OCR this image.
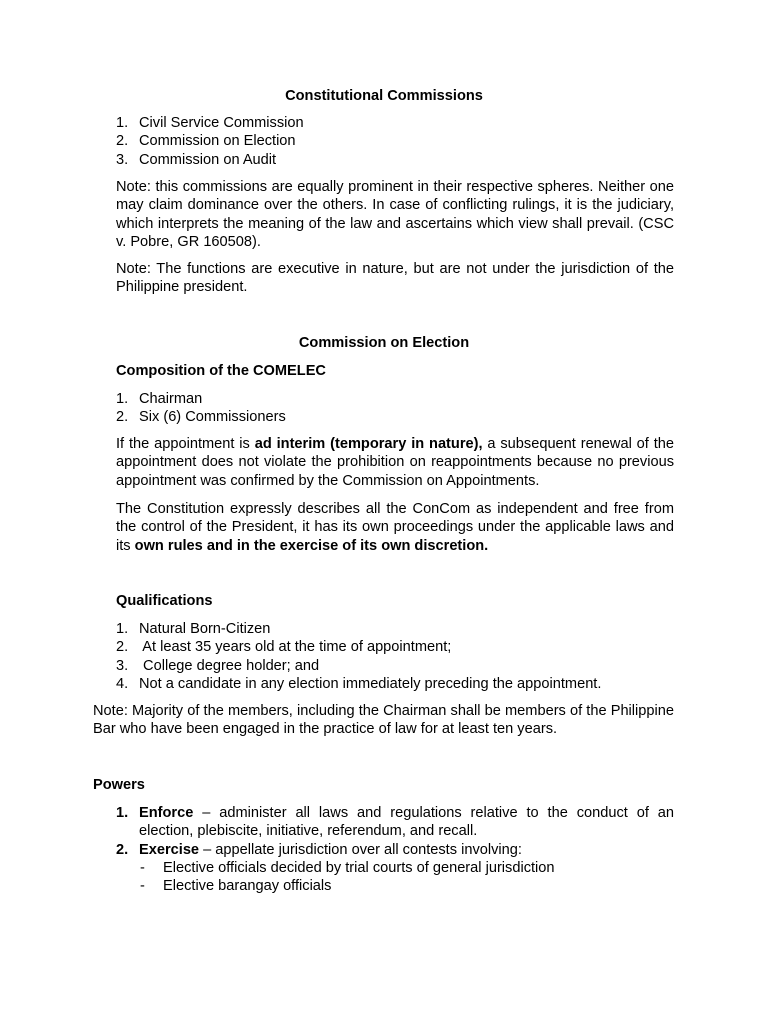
Constitutional Commissions
1. Civil Service Commission
2. Commission on Election
3. Commission on Audit

Note: this commissions are equally prominent in their respective spheres. Neither one may claim dominance over the others. In case of conflicting rulings, it is the judiciary, which interprets the meaning of the law and ascertains which view shall prevail. (CSC v. Pobre, GR 160508).

Note: The functions are executive in nature, but are not under the jurisdiction of the Philippine president.

Commission on Election
Composition of the COMELEC
1. Chairman
2. Six (6) Commissioners

If the appointment is ad interim (temporary in nature), a subsequent renewal of the appointment does not violate the prohibition on reappointments because no previous appointment was confirmed by the Commission on Appointments.

The Constitution expressly describes all the ConCom as independent and free from the control of the President, it has its own proceedings under the applicable laws and its own rules and in the exercise of its own discretion.

Qualifications
1. Natural Born-Citizen
2. At least 35 years old at the time of appointment;
3. College degree holder; and
4. Not a candidate in any election immediately preceding the appointment.

Note: Majority of the members, including the Chairman shall be members of the Philippine Bar who have been engaged in the practice of law for at least ten years.

Powers
1. Enforce – administer all laws and regulations relative to the conduct of an election, plebiscite, initiative, referendum, and recall.
2. Exercise – appellate jurisdiction over all contests involving:
- Elective officials decided by trial courts of general jurisdiction
- Elective barangay officials
